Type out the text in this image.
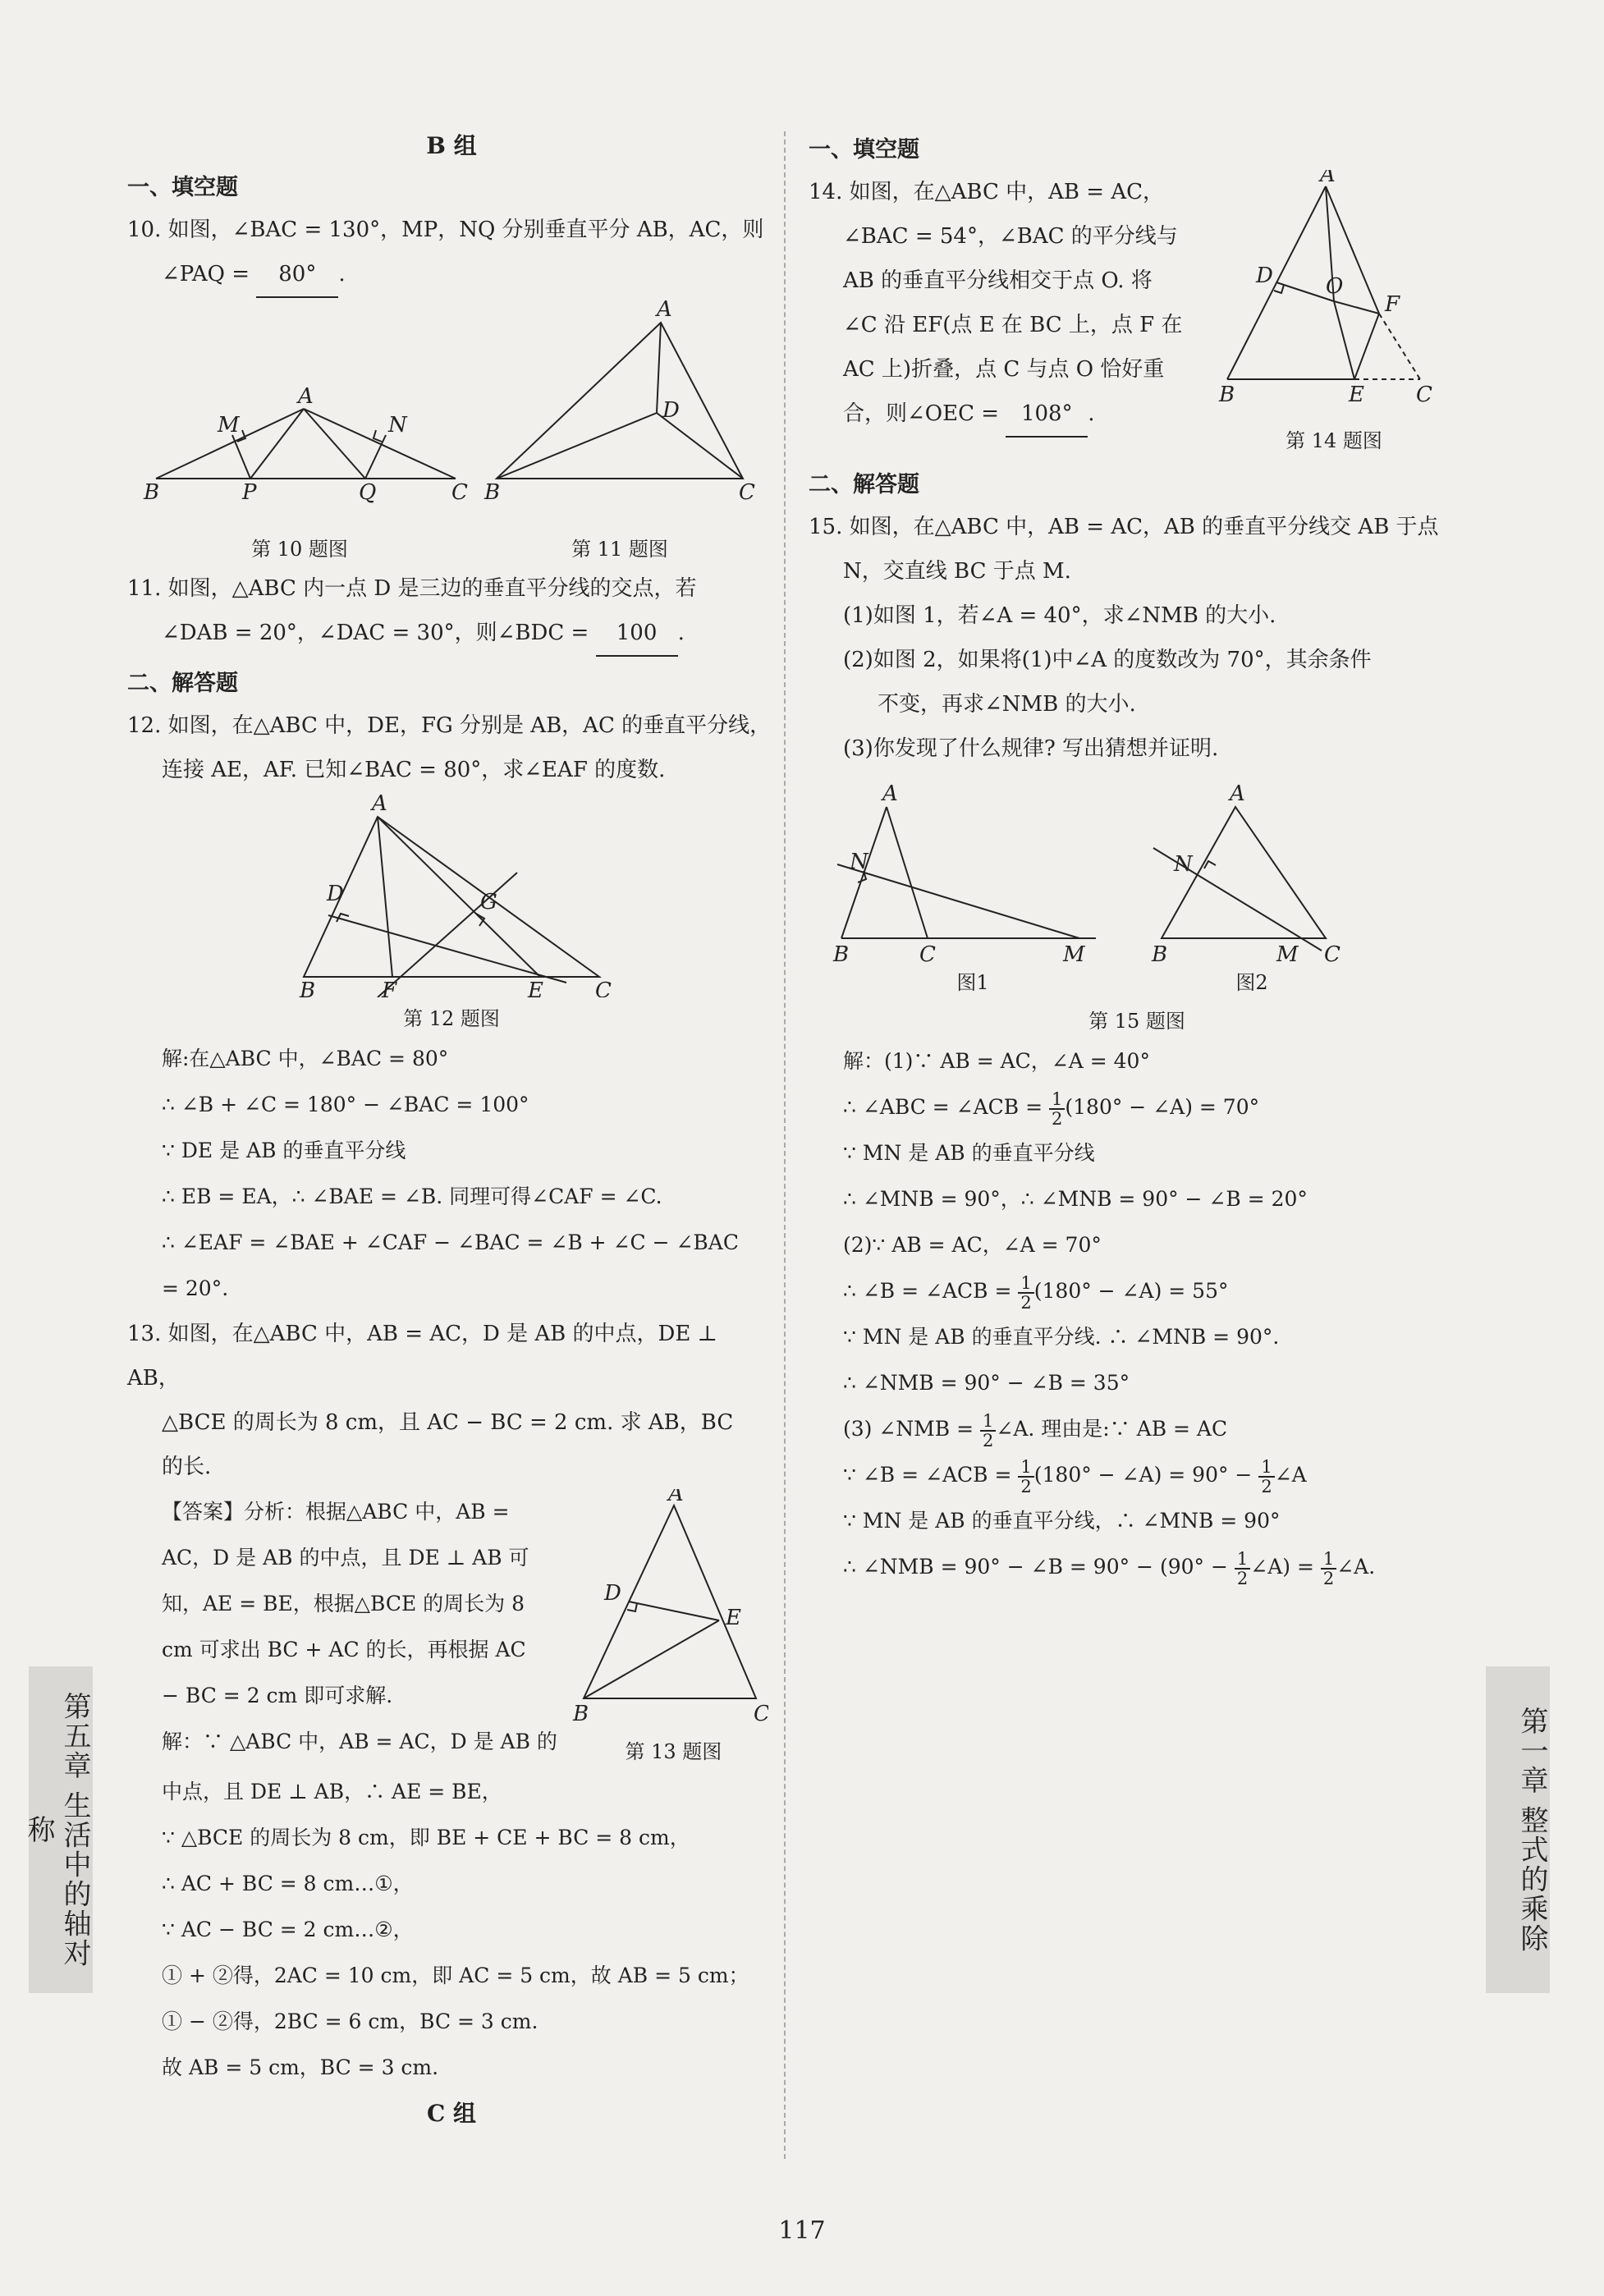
B 组
一、填空题

10. 如图，∠BAC = 130°，MP，NQ 分别垂直平分 AB，AC，则

∠PAQ = 80° .

A
M	N
B	P	Q	C
A
D
B	C
第 10 题图	第 11 题图

11. 如图，△ABC 内一点 D 是三边的垂直平分线的交点，若

∠DAB = 20°，∠DAC = 30°，则∠BDC = 100 .

二、解答题

12. 如图，在△ABC 中，DE，FG 分别是 AB，AC 的垂直平分线，

连接 AE，AF. 已知∠BAC = 80°，求∠EAF 的度数.

A
D	G
B	F	E C
第 12 题图

解:在△ABC 中，∠BAC = 80°

∴ ∠B + ∠C = 180° − ∠BAC = 100°

∵ DE 是 AB 的垂直平分线

∴ EB = EA，∴ ∠BAE = ∠B. 同理可得∠CAF = ∠C.

∴ ∠EAF = ∠BAE + ∠CAF − ∠BAC = ∠B + ∠C − ∠BAC

= 20°.

13. 如图，在△ABC 中，AB = AC，D 是 AB 的中点，DE ⊥ AB，

△BCE 的周长为 8 cm，且 AC − BC = 2 cm. 求 AB，BC

的长.

【答案】分析：根据△ABC 中，AB =

AC，D 是 AB 的中点，且 DE ⊥ AB 可

知，AE = BE，根据△BCE 的周长为 8

cm 可求出 BC + AC 的长，再根据 AC

− BC = 2 cm 即可求解.

解：∵ △ABC 中，AB = AC，D 是 AB 的

A
D
E
B	C
第 13 题图

中点，且 DE ⊥ AB，∴ AE = BE，

∵ △BCE 的周长为 8 cm，即 BE + CE + BC = 8 cm，

∴ AC + BC = 8 cm…①，

∵ AC − BC = 2 cm…②，

① + ②得，2AC = 10 cm，即 AC = 5 cm，故 AB = 5 cm；

① − ②得，2BC = 6 cm，BC = 3 cm.

故 AB = 5 cm，BC = 3 cm.

C 组
一、填空题

14. 如图，在△ABC 中，AB = AC，

∠BAC = 54°，∠BAC 的平分线与

AB 的垂直平分线相交于点 O. 将

∠C 沿 EF(点 E 在 BC 上，点 F 在

AC 上)折叠，点 C 与点 O 恰好重

合，则∠OEC = 108° .

A
D O
F
B	E C
第 14 题图
二、解答题

15. 如图，在△ABC 中，AB = AC，AB 的垂直平分线交 AB 于点

N，交直线 BC 于点 M.

(1)如图 1，若∠A = 40°，求∠NMB 的大小.

(2)如图 2，如果将(1)中∠A 的度数改为 70°，其余条件

不变，再求∠NMB 的大小.

(3)你发现了什么规律? 写出猜想并证明.

A
N
B	C	M
图1
A
N
B	M C
图2
第 15 题图

解：(1)∵ AB = AC，∠A = 40°

∴ ∠ABC = ∠ACB = $\frac{1}{2} (180^\circ$ − ∠A) = 70°

∵ MN 是 AB 的垂直平分线

∴ ∠MNB = 90°，∴ ∠MNB = 90° − ∠B = 20°

(2)∵ AB = AC，∠A = 70°

∴ ∠B = ∠ACB = $\frac{1}{2} (180^\circ$ − ∠A) = 55°

∵ MN 是 AB 的垂直平分线. ∴ ∠MNB = 90°.

∴ ∠NMB = 90° − ∠B = 35°

(3) ∠NMB = $\frac{1}{2}$ ∠A. 理由是:∵ AB = AC

∵ ∠B = ∠ACB = $\frac{1}{2} (180^\circ$ − ∠A) = $90^\circ - \frac{1}{2}$ ∠A

∵ MN 是 AB 的垂直平分线，∴ ∠MNB = 90°

∴ ∠NMB = 90° − ∠B = $90^\circ - (90^\circ - \frac{1}{2}$ ∠A) = $\frac{1}{2}$ ∠A.

第五章 生活中的轴对称	第一章 整式的乘除
117
